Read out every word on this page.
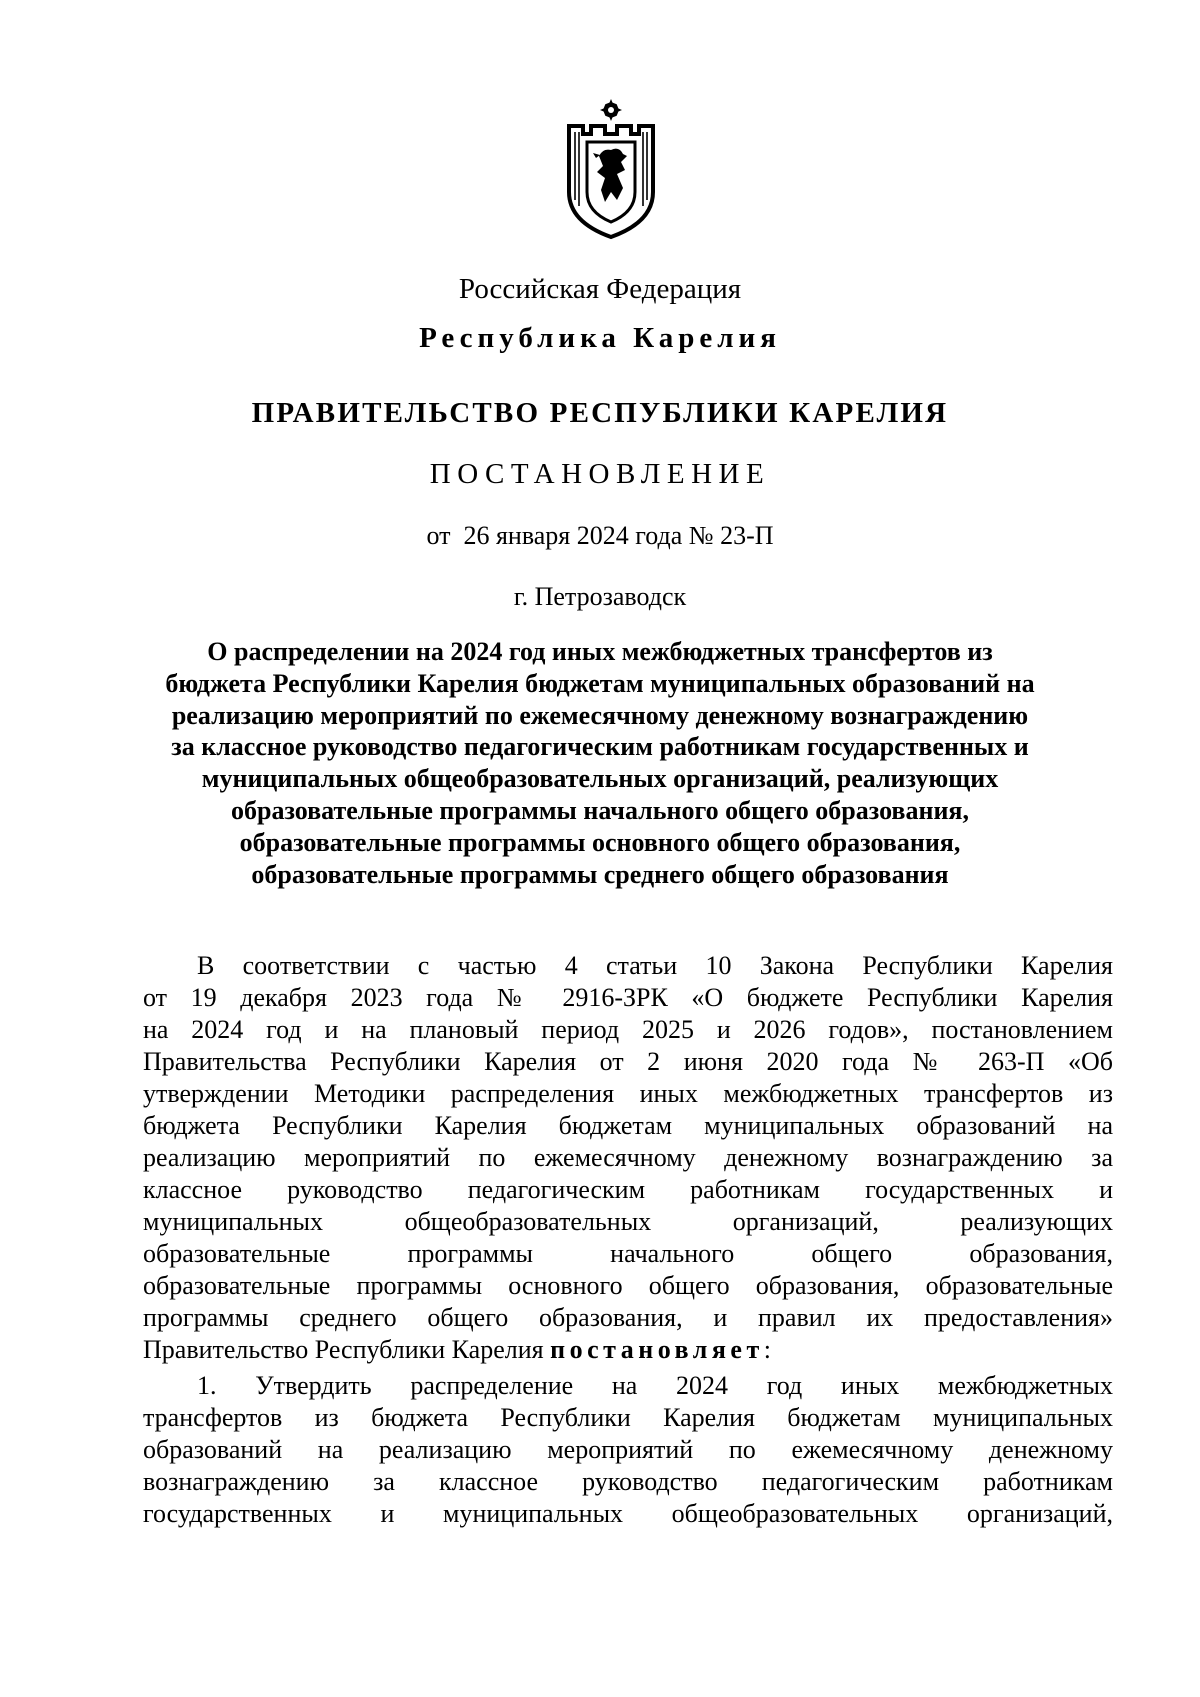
Российская Федерация
Республика Карелия
ПРАВИТЕЛЬСТВО РЕСПУБЛИКИ КАРЕЛИЯ
ПОСТАНОВЛЕНИЕ
от  26 января 2024 года № 23-П
г. Петрозаводск
О распределении на 2024 год иных межбюджетных трансфертов из
бюджета Республики Карелия бюджетам муниципальных образований на
реализацию мероприятий по ежемесячному денежному вознаграждению
за классное руководство педагогическим работникам государственных и
муниципальных общеобразовательных организаций, реализующих
образовательные программы начального общего образования,
образовательные программы основного общего образования,
образовательные программы среднего общего образования
В соответствии с частью 4 статьи 10 Закона Республики Карелия
от 19 декабря 2023 года № 2916-ЗРК «О бюджете Республики Карелия
на 2024 год и на плановый период 2025 и 2026 годов», постановлением
Правительства Республики Карелия от 2 июня 2020 года № 263-П «Об
утверждении Методики распределения иных межбюджетных трансфертов из
бюджета Республики Карелия бюджетам муниципальных образований на
реализацию мероприятий по ежемесячному денежному вознаграждению за
классное руководство педагогическим работникам государственных и
муниципальных общеобразовательных организаций, реализующих
образовательные программы начального общего образования,
образовательные программы основного общего образования, образовательные
программы среднего общего образования, и правил их предоставления»
Правительство Республики Карелия постановляет:
1. Утвердить распределение на 2024 год иных межбюджетных
трансфертов из бюджета Республики Карелия бюджетам муниципальных
образований на реализацию мероприятий по ежемесячному денежному
вознаграждению за классное руководство педагогическим работникам
государственных и муниципальных общеобразовательных организаций,
